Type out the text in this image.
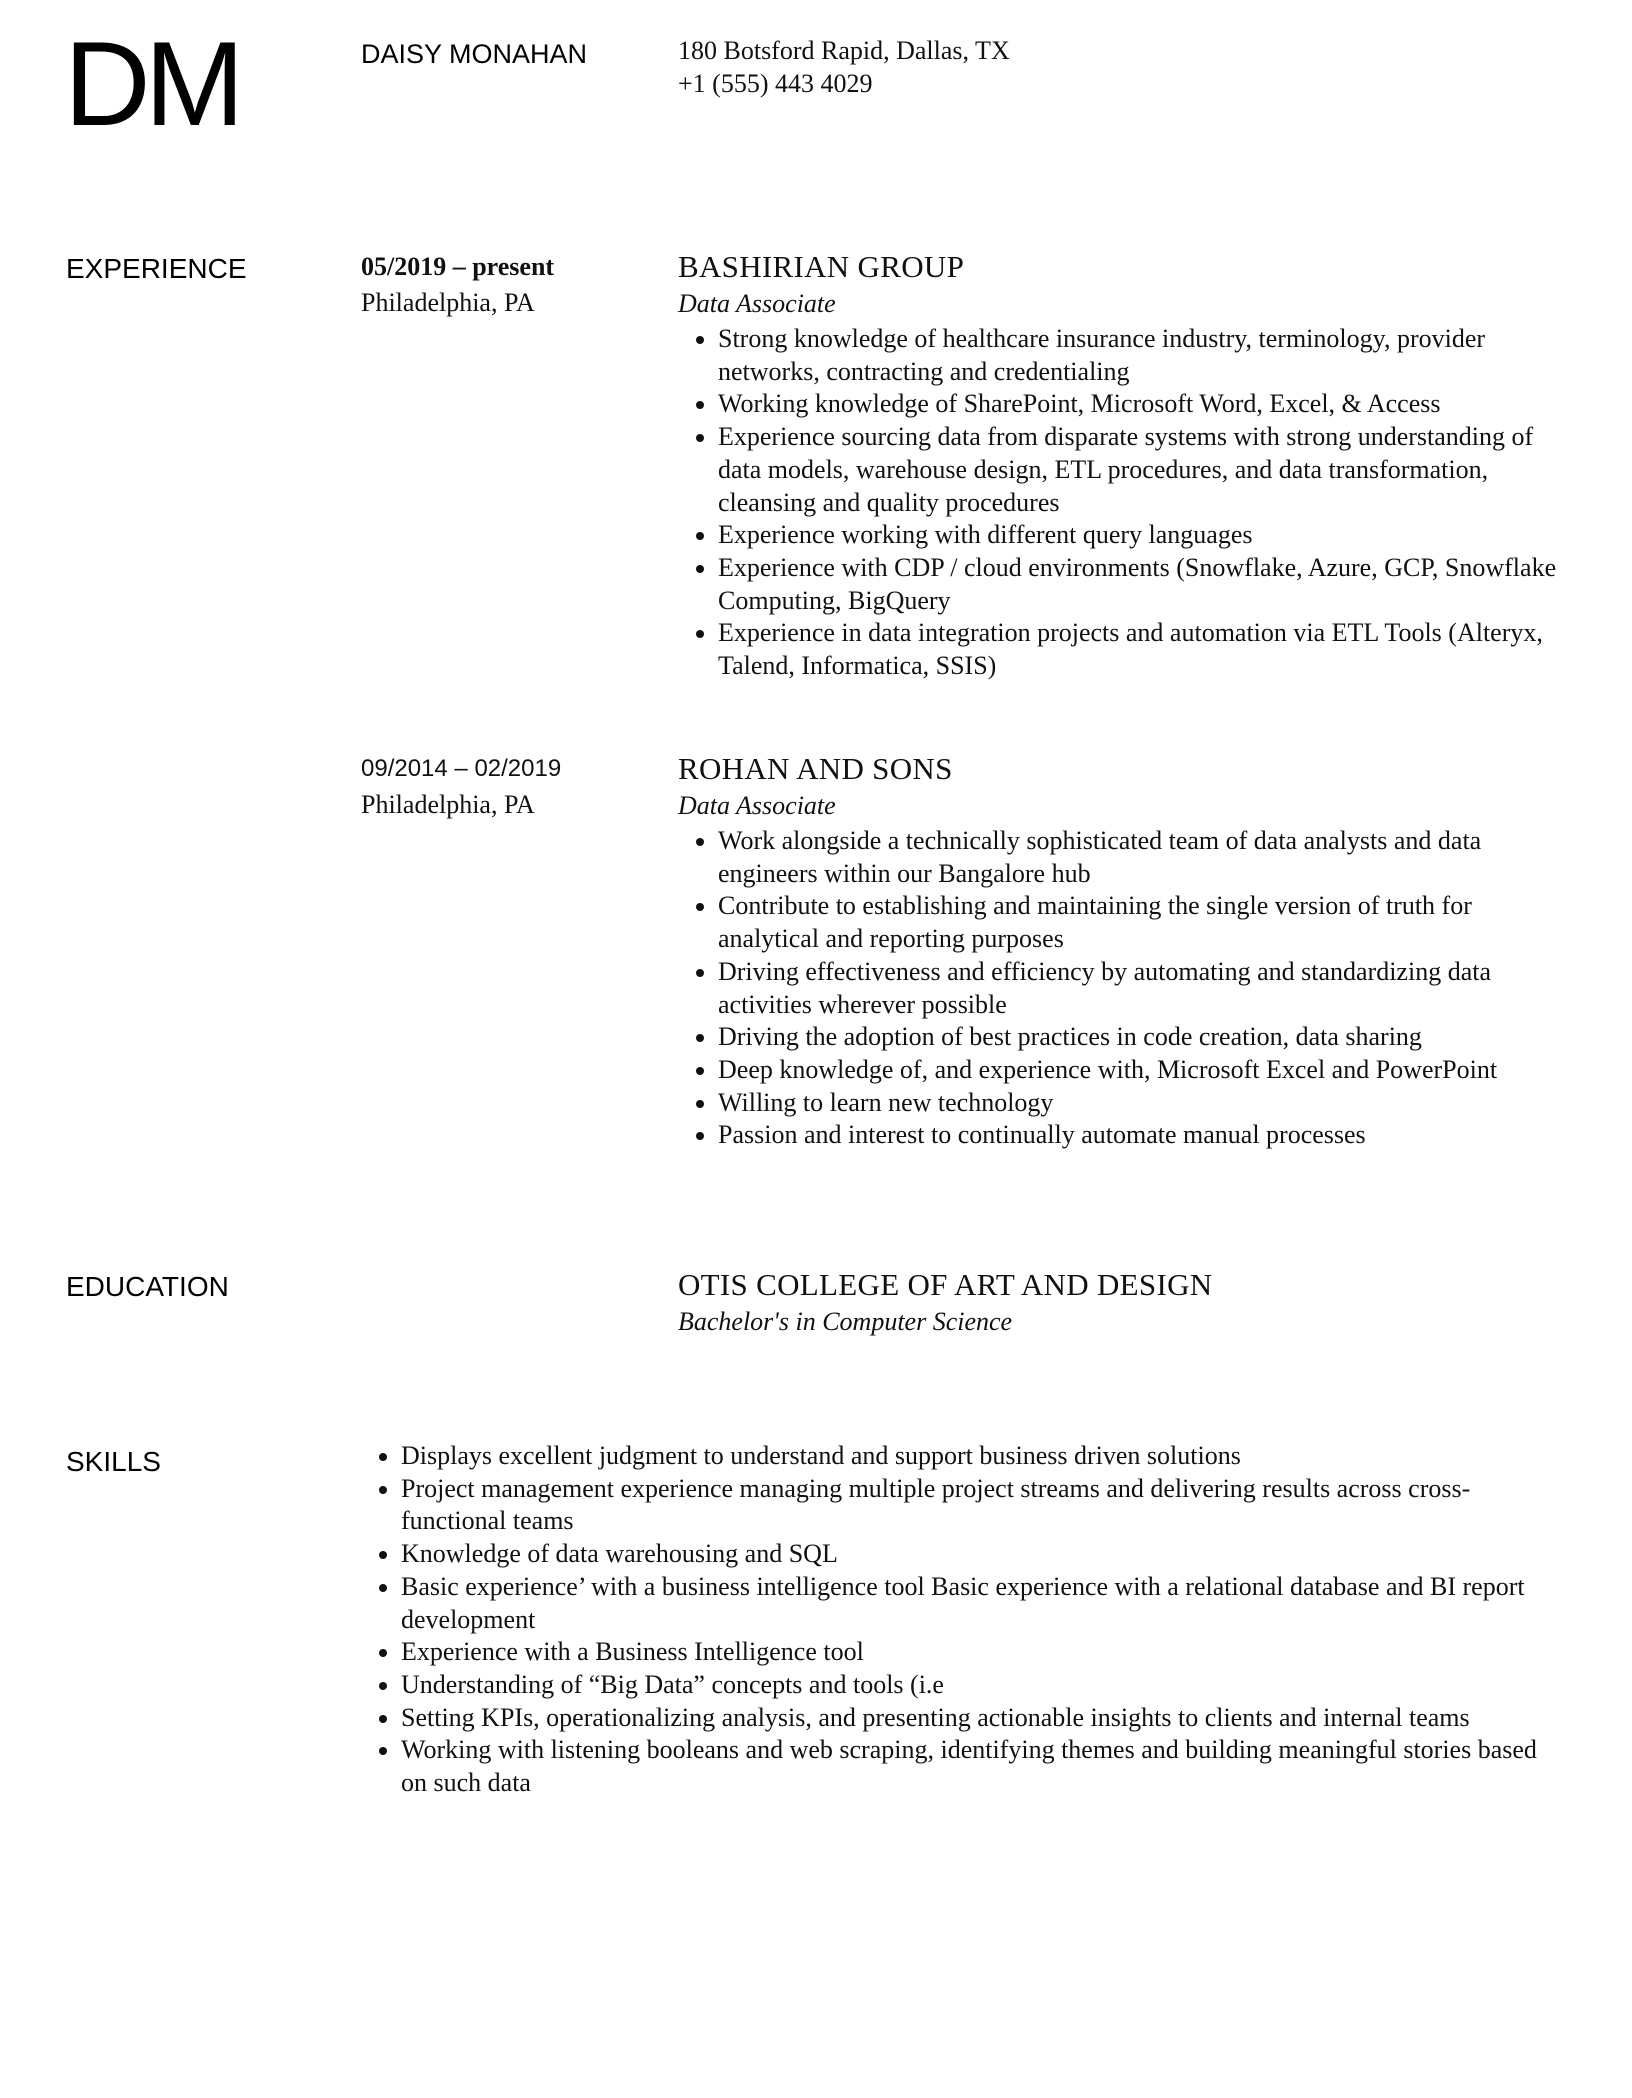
DM	DAISY MONAHAN	180 Botsford Rapid, Dallas, TX
+1 (555) 443 4029
EXPERIENCE	05/2019 – present
Philadelphia, PA
BASHIRIAN GROUP
Data Associate
• Strong knowledge of healthcare insurance industry, terminology, provider networks, contracting and credentialing
• Working knowledge of SharePoint, Microsoft Word, Excel, & Access
• Experience sourcing data from disparate systems with strong understanding of data models, warehouse design, ETL procedures, and data transformation, cleansing and quality procedures
• Experience working with different query languages
• Experience with CDP / cloud environments (Snowflake, Azure, GCP, Snowflake Computing, BigQuery
• Experience in data integration projects and automation via ETL Tools (Alteryx, Talend, Informatica, SSIS)
09/2014 – 02/2019
Philadelphia, PA
ROHAN AND SONS
Data Associate
• Work alongside a technically sophisticated team of data analysts and data engineers within our Bangalore hub
• Contribute to establishing and maintaining the single version of truth for analytical and reporting purposes
• Driving effectiveness and efficiency by automating and standardizing data activities wherever possible
• Driving the adoption of best practices in code creation, data sharing
• Deep knowledge of, and experience with, Microsoft Excel and PowerPoint
• Willing to learn new technology
• Passion and interest to continually automate manual processes
EDUCATION	OTIS COLLEGE OF ART AND DESIGN
Bachelor's in Computer Science
SKILLS
•	Displays excellent judgment to understand and support business driven solutions
• Project management experience managing multiple project streams and delivering results across cross-functional teams
• Knowledge of data warehousing and SQL
• Basic experience’ with a business intelligence tool Basic experience with a relational database and BI report development
• Experience with a Business Intelligence tool
• Understanding of “Big Data” concepts and tools (i.e
• Setting KPIs, operationalizing analysis, and presenting actionable insights to clients and internal teams
• Working with listening booleans and web scraping, identifying themes and building meaningful stories based on such data
